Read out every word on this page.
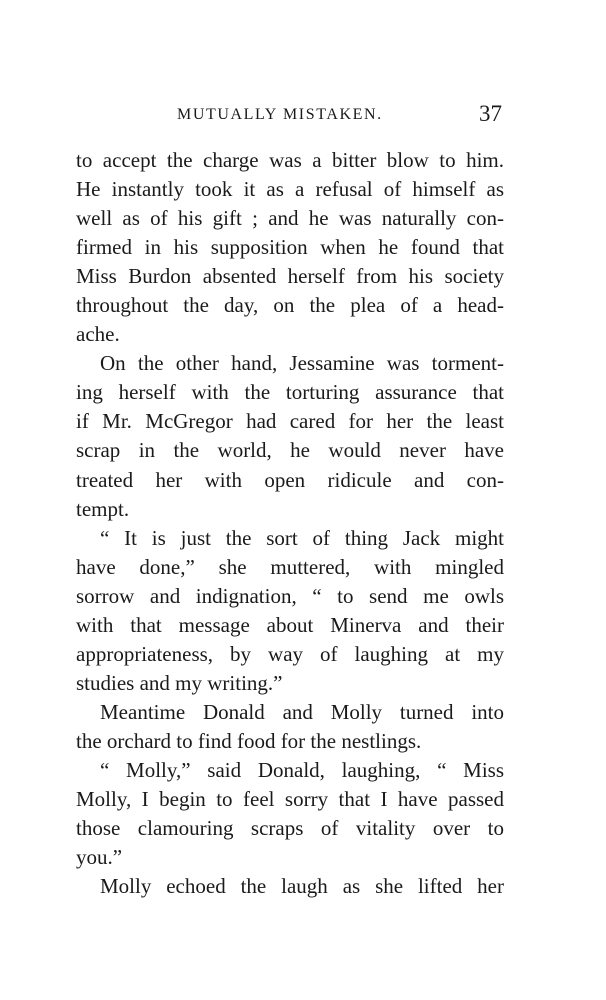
MUTUALLY MISTAKEN.	37
to accept the charge was a bitter blow to him.
He instantly took it as a refusal of himself as
well as of his gift ; and he was naturally con-
firmed in his supposition when he found that
Miss Burdon absented herself from his society
throughout the day, on the plea of a head-
ache.
On the other hand, Jessamine was torment-
ing herself with the torturing assurance that
if Mr. McGregor had cared for her the least
scrap in the world, he would never have
treated her with open ridicule and con-
tempt.
“ It is just the sort of thing Jack might
have done,” she muttered, with mingled
sorrow and indignation, “ to send me owls
with that message about Minerva and their
appropriateness, by way of laughing at my
studies and my writing.”
Meantime Donald and Molly turned into
the orchard to find food for the nestlings.
“ Molly,” said Donald, laughing, “ Miss
Molly, I begin to feel sorry that I have passed
those clamouring scraps of vitality over to
you.”
Molly echoed the laugh as she lifted her
